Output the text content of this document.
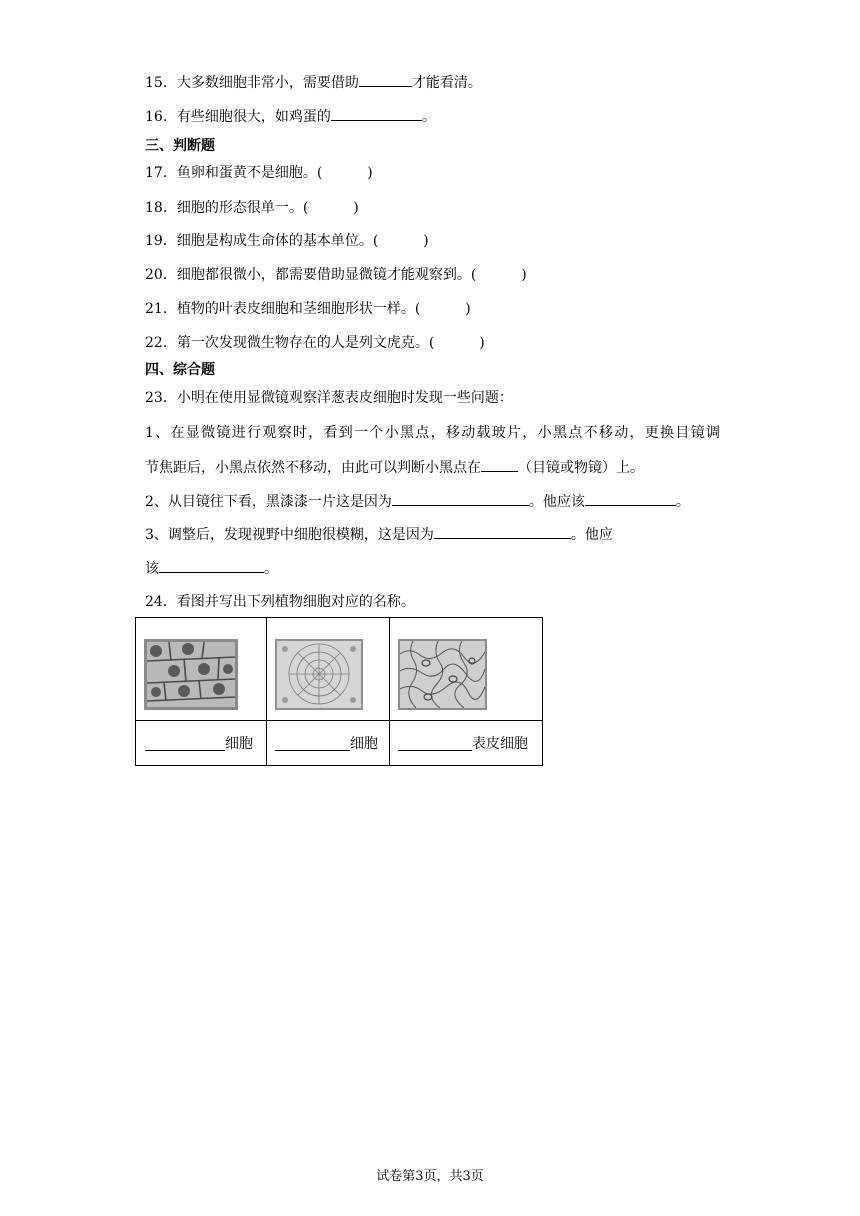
15．大多数细胞非常小，需要借助	才能看清。
16．有些细胞很大，如鸡蛋的	。
三、判断题
17．鱼卵和蛋黄不是细胞。(	)
18．细胞的形态很单一。(	)
19．细胞是构成生命体的基本单位。(	)
20．细胞都很微小，都需要借助显微镜才能观察到。(	)
21．植物的叶表皮细胞和茎细胞形状一样。(	)
22．第一次发现微生物存在的人是列文虎克。(	)
四、综合题
23．小明在使用显微镜观察洋葱表皮细胞时发现一些问题：
1、在显微镜进行观察时，看到一个小黑点，移动载玻片，小黑点不移动，更换目镜调
节焦距后，小黑点依然不移动，由此可以判断小黑点在	（目镜或物镜）上。
2、从目镜往下看，黑漆漆一片这是因为	。他应该	。
3、调整后，发现视野中细胞很模糊，这是因为	。他应
该	。
24．看图并写出下列植物细胞对应的名称。

细胞	细胞	表皮细胞
试卷第3页，共3页
